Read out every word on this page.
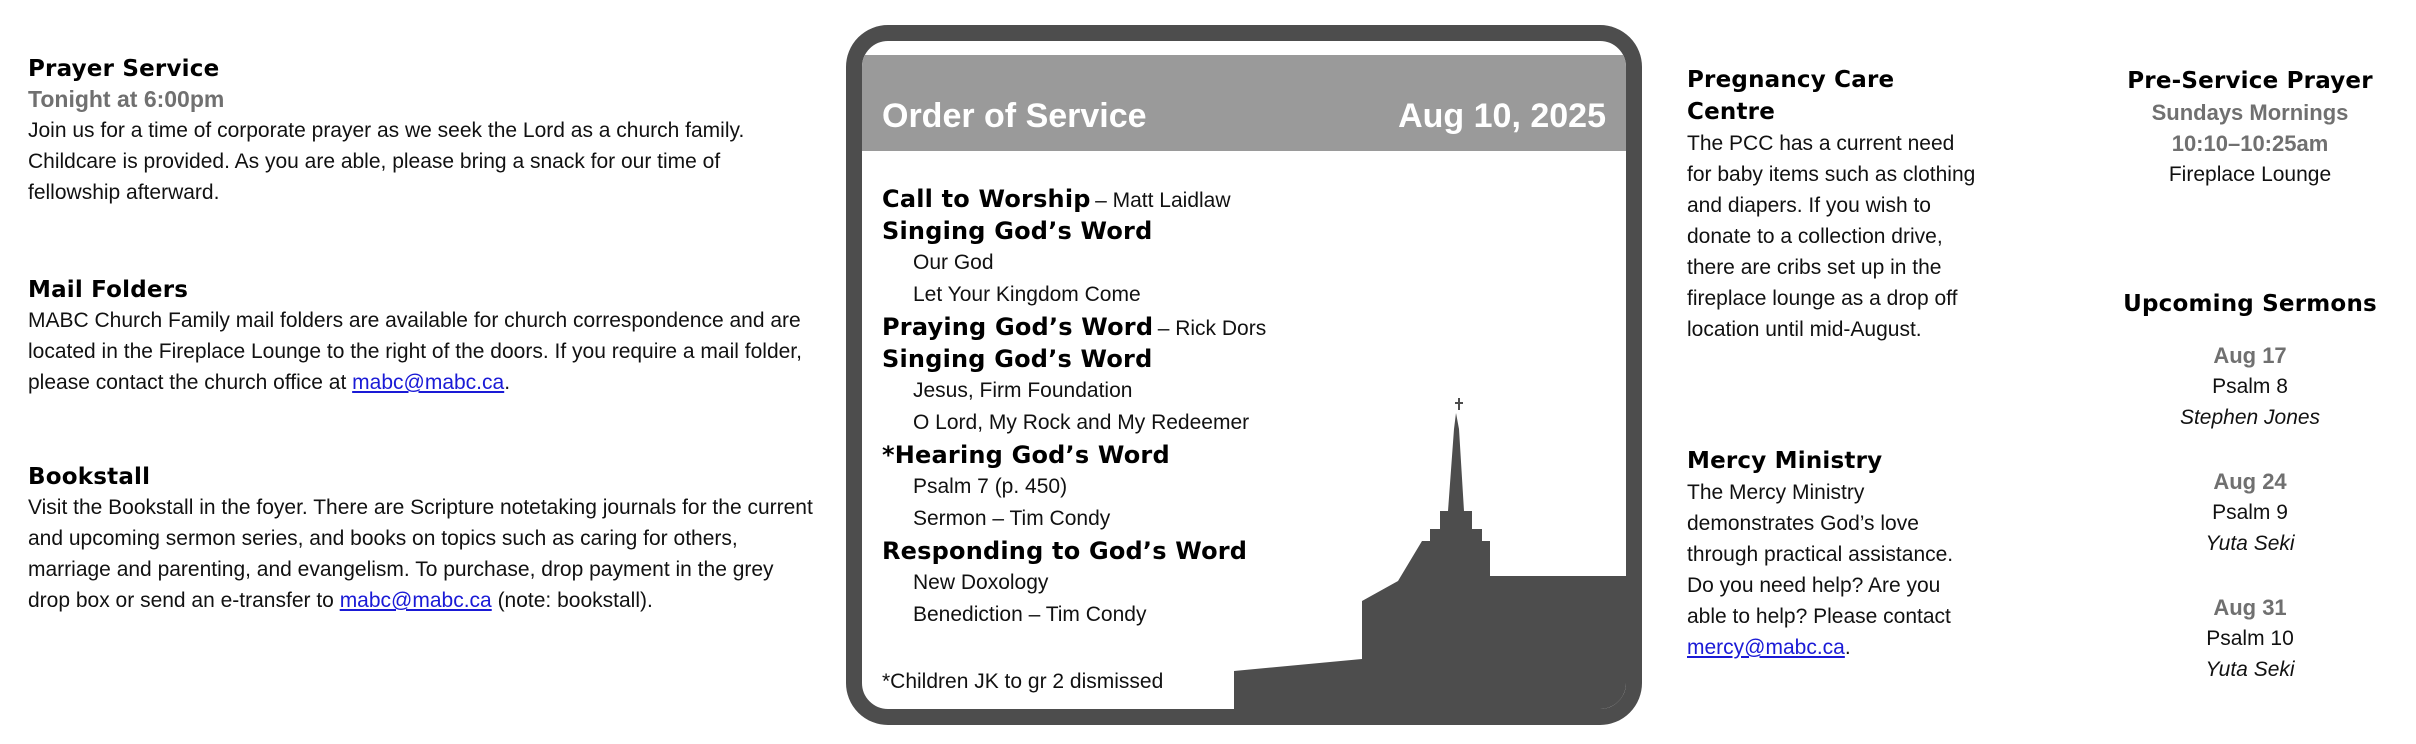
Prayer Service
Tonight at 6:00pm
Join us for a time of corporate prayer as we seek the Lord as a church family. Childcare is provided. As you are able, please bring a snack for our time of fellowship afterward.
Mail Folders
MABC Church Family mail folders are available for church correspondence and are located in the Fireplace Lounge to the right of the doors. If you require a mail folder, please contact the church office at mabc@mabc.ca.
Bookstall
Visit the Bookstall in the foyer. There are Scripture notetaking journals for the current and upcoming sermon series, and books on topics such as caring for others, marriage and parenting, and evangelism. To purchase, drop payment in the grey drop box or send an e-transfer to mabc@mabc.ca (note: bookstall).
Order of Service	Aug 10, 2025
Call to Worship – Matt Laidlaw
Singing God’s Word
Our God
Let Your Kingdom Come
Praying God’s Word – Rick Dors
Singing God’s Word
Jesus, Firm Foundation
O Lord, My Rock and My Redeemer
*Hearing God’s Word
Psalm 7 (p. 450)
Sermon – Tim Condy
Responding to God’s Word
New Doxology
Benediction – Tim Condy
*Children JK to gr 2 dismissed
Pregnancy Care
Centre
The PCC has a current need for baby items such as clothing and diapers. If you wish to donate to a collection drive, there are cribs set up in the fireplace lounge as a drop off location until mid-August.
Mercy Ministry
The Mercy Ministry demonstrates God’s love through practical assistance. Do you need help? Are you able to help? Please contact mercy@mabc.ca.
Pre-Service Prayer
Sundays Mornings
10:10–10:25am
Fireplace Lounge
Upcoming Sermons
Aug 17
Psalm 8
Stephen Jones
Aug 24
Psalm 9
Yuta Seki
Aug 31
Psalm 10
Yuta Seki
